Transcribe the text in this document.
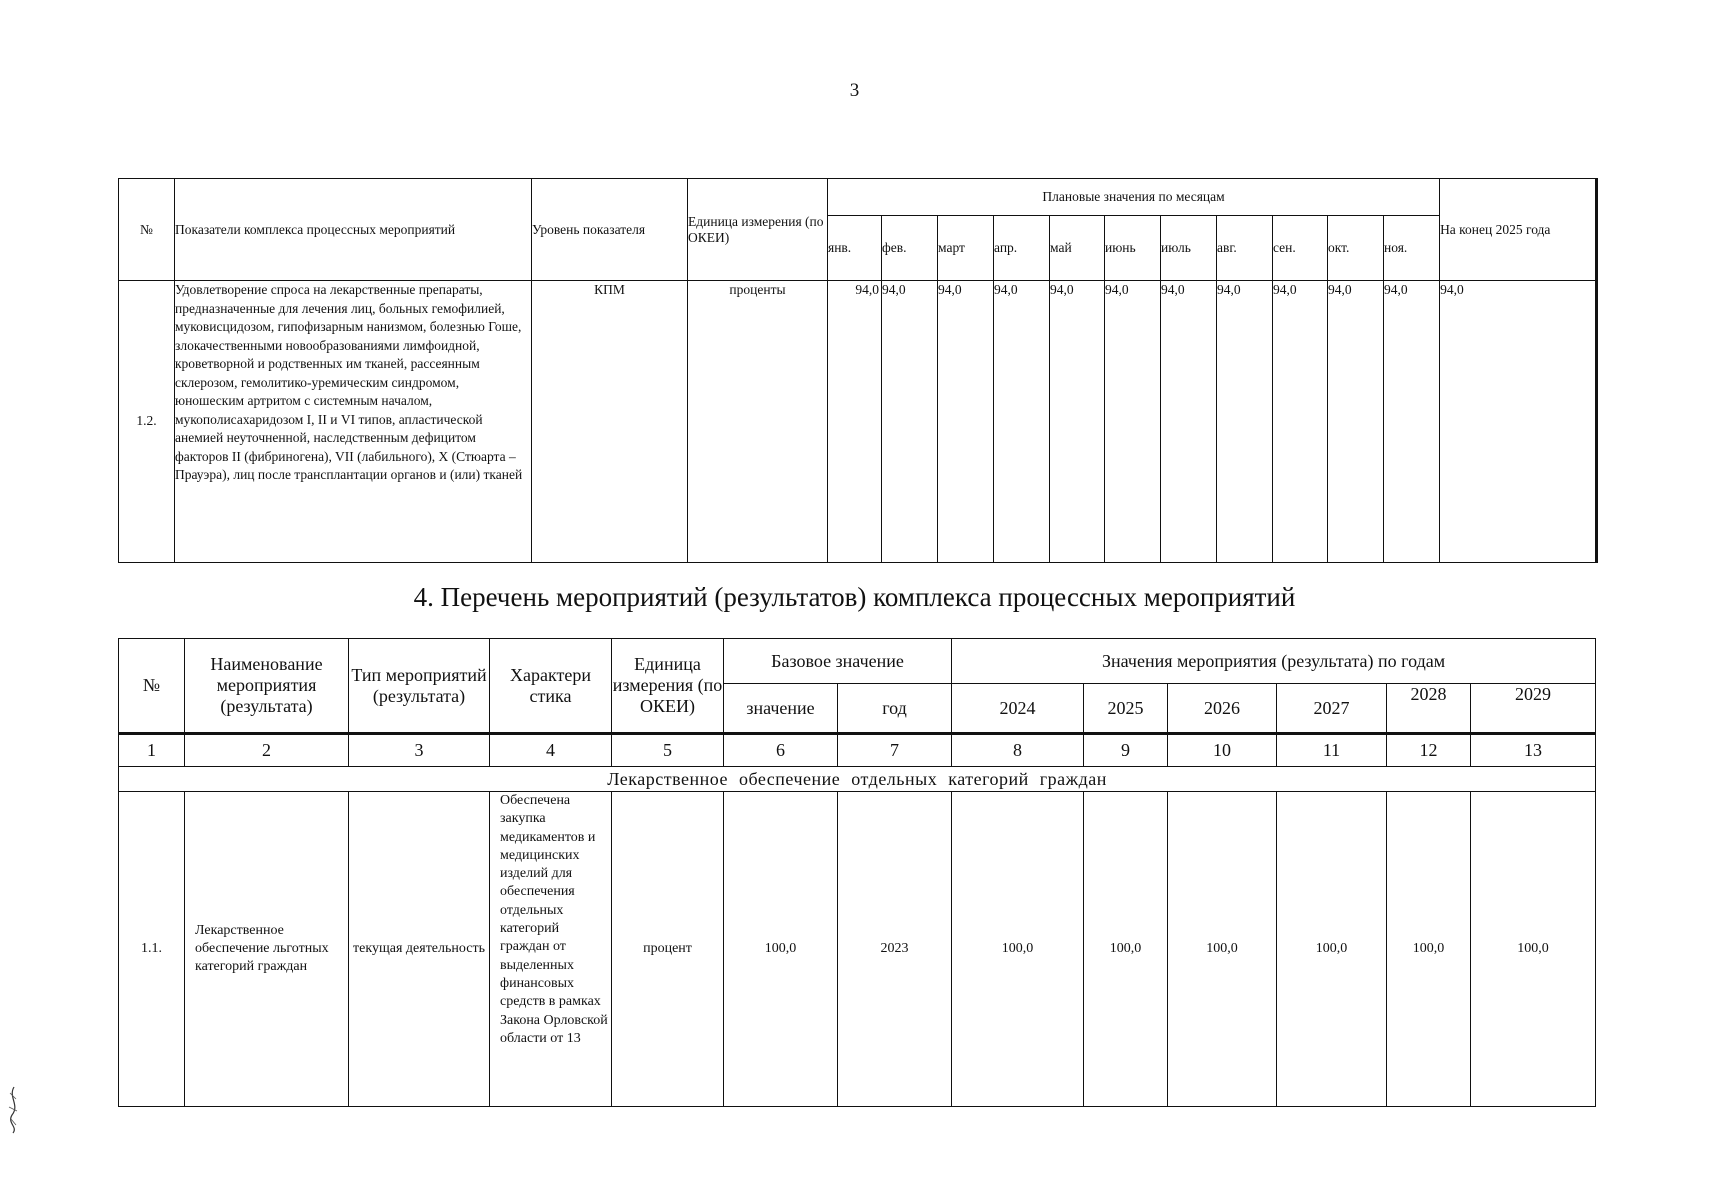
3
№	Показатели комплекса процессных мероприятий	Уровень показателя	Единица измерения (по ОКЕИ)	Плановые значения по месяцам											На конец 2025 года
				янв.	фев.	март	апр.	май	июнь	июль	авг.	сен.	окт.	ноя.	
1.2.	Удовлетворение спроса на лекарственные препараты, предназначенные для лечения лиц, больных гемофилией, муковисцидозом, гипофизарным нанизмом, болезнью Гоше, злокачественными новообразованиями лимфоидной, кроветворной и родственных им тканей, рассеянным склерозом, гемолитико-уремическим синдромом, юношеским артритом с системным началом, мукополисахаридозом I, II и VI типов, апластической анемией неуточненной, наследственным дефицитом факторов II (фибриногена), VII (лабильного), X (Стюарта – Прауэра), лиц после трансплантации органов и (или) тканей	КПМ	проценты	94,0	94,0	94,0	94,0	94,0	94,0	94,0	94,0	94,0	94,0	94,0	94,0
4. Перечень мероприятий (результатов) комплекса процессных мероприятий
№	Наименование мероприятия (результата)	Тип мероприятий (результата)	Характери стика	Единица измерения (по ОКЕИ)	Базовое значение		Значения мероприятия (результата) по годам					
					значение	год	2024	2025	2026	2027	2028	2029
1	2	3	4	5	6	7	8	9	10	11	12	13
Лекарственное обеспечение отдельных категорий граждан												
1.1.	Лекарственное обеспечение льготных категорий граждан	текущая деятельность	Обеспечена закупка медикаментов и медицинских изделий для обеспечения отдельных категорий граждан от выделенных финансовых средств в рамках Закона Орловской области от 13	процент	100,0	2023	100,0	100,0	100,0	100,0	100,0	100,0
